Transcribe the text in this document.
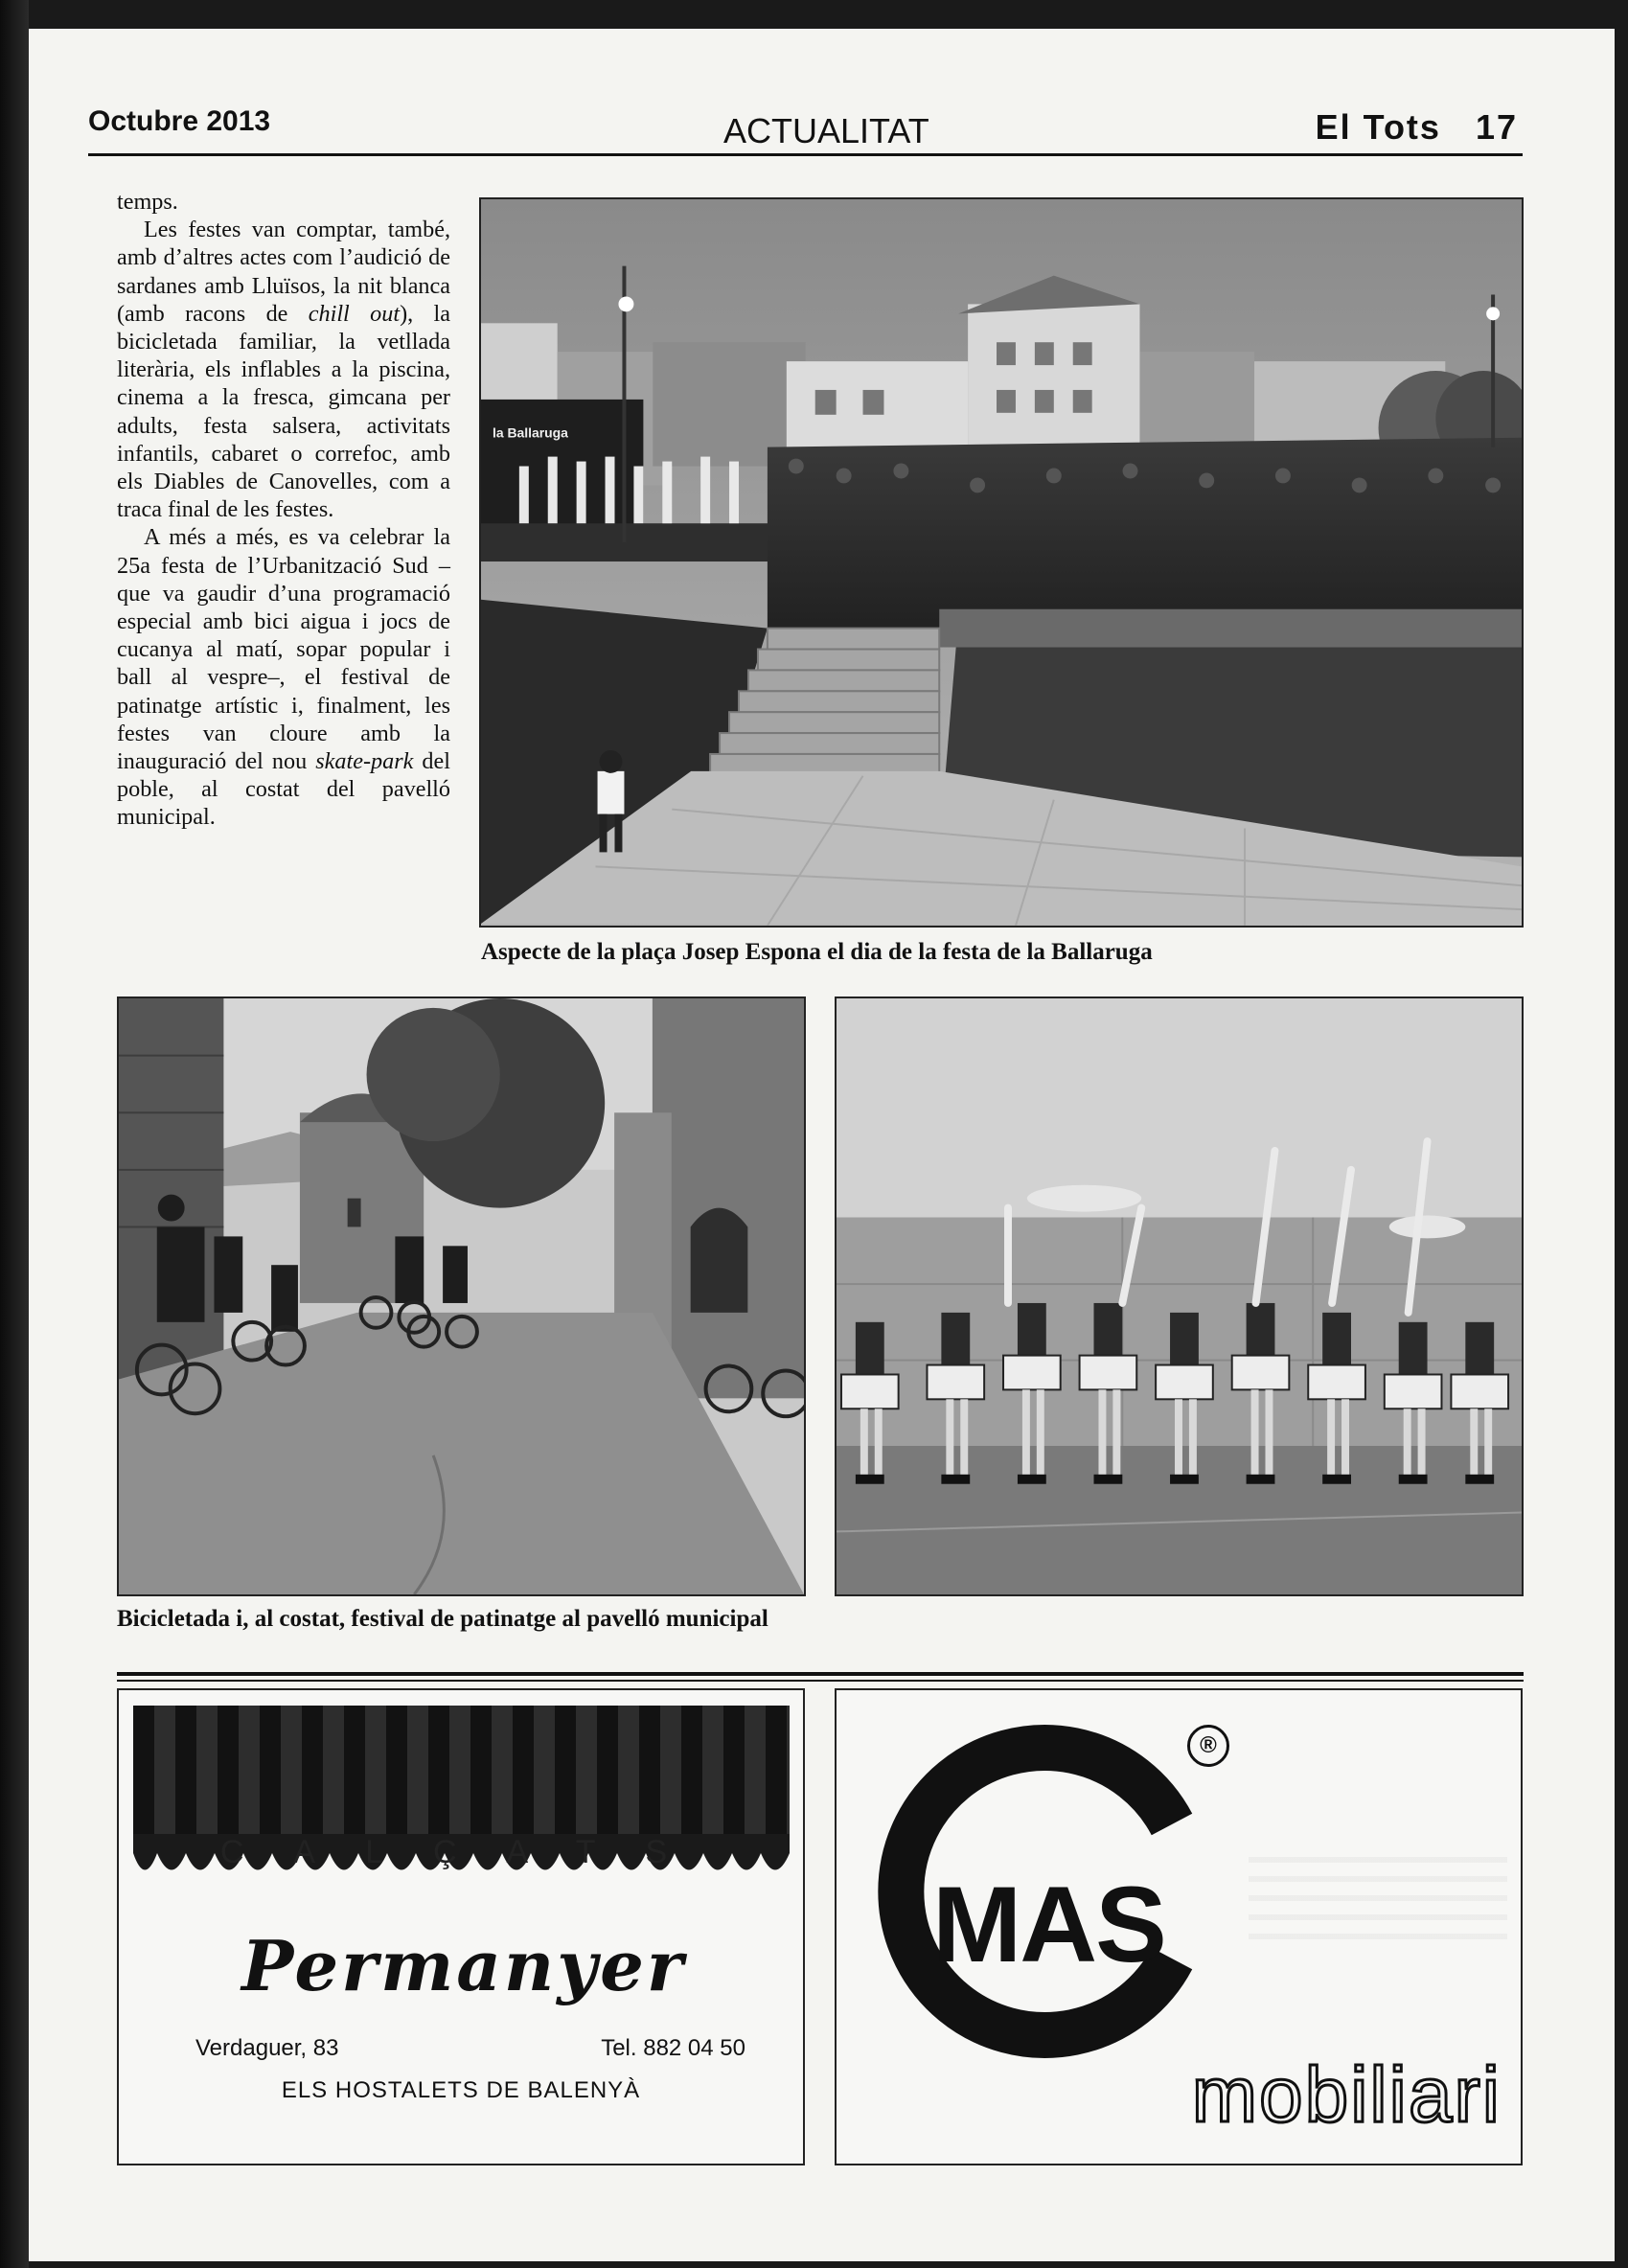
Octubre 2013	ACTUALITAT	El Tots 17

temps.

Les festes van comptar, també, amb d’altres actes com l’audició de sardanes amb Lluïsos, la nit blanca (amb racons de chill out), la bicicletada familiar, la vetllada literària, els inflables a la piscina, cinema a la fresca, gimcana per adults, festa salsera, activitats infantils, cabaret o correfoc, amb els Diables de Canovelles, com a traca final de les festes.

A més a més, es va celebrar la 25a festa de l’Urbanització Sud –que va gaudir d’una programació especial amb bici aigua i jocs de cucanya al matí, sopar popular i ball al vespre–, el festival de patinatge artístic i, finalment, les festes van cloure amb la inauguració del nou skate-park del poble, al costat del pavelló municipal.

la Ballaruga
Aspecte de la plaça Josep Espona el dia de la festa de la Ballaruga
Bicicletada i, al costat, festival de patinatge al pavelló municipal
CALÇATS
Permanyer
Verdaguer, 83	Tel. 882 04 50
ELS HOSTALETS DE BALENYÀ
MAS
®
mobiliari
